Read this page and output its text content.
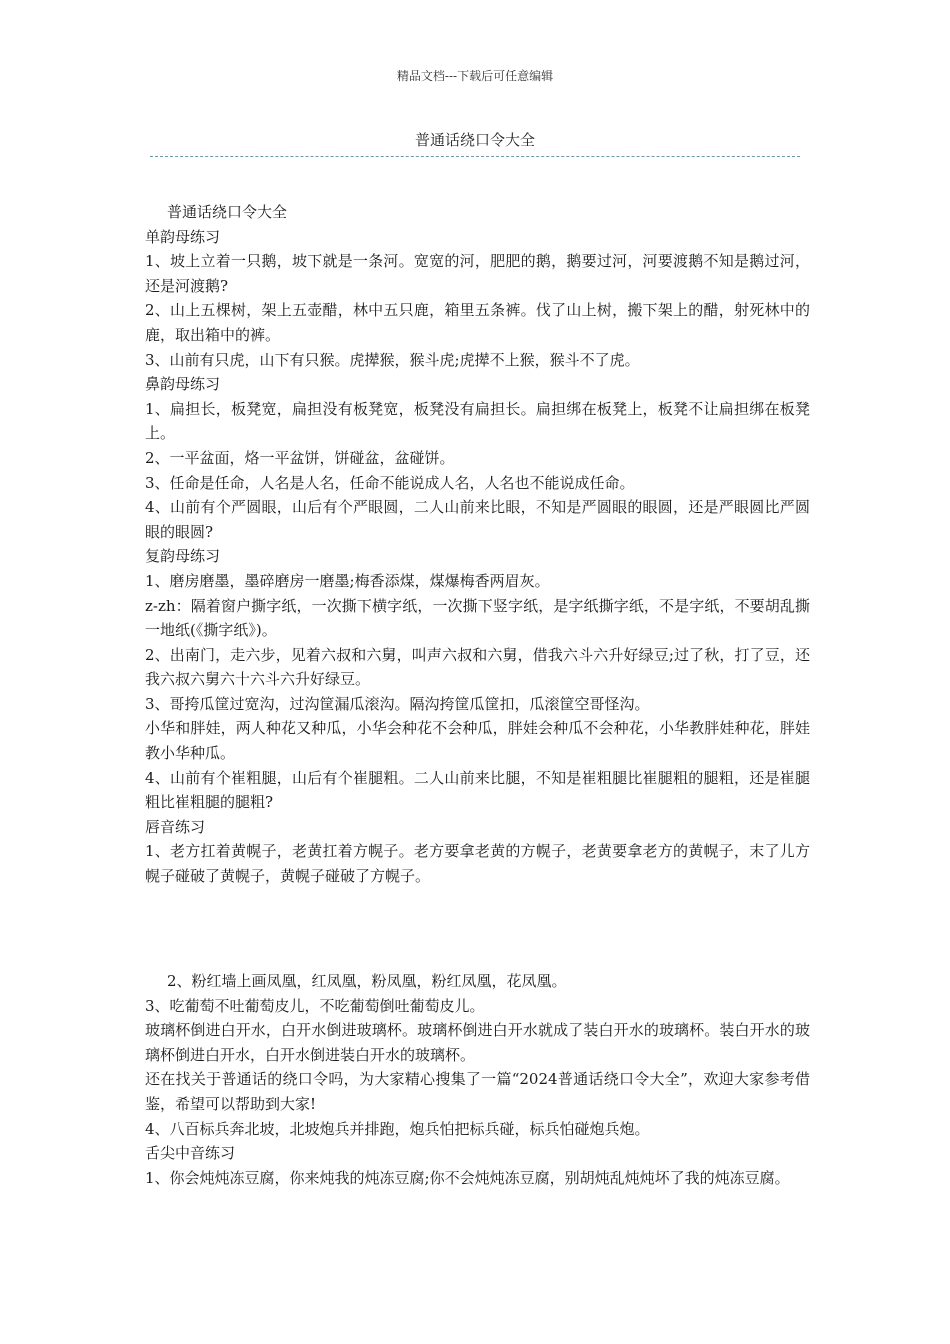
精品文档---下载后可任意编辑
普通话绕口令大全

普通话绕口令大全

单韵母练习

1、坡上立着一只鹅，坡下就是一条河。宽宽的河，肥肥的鹅，鹅要过河，河要渡鹅不知是鹅过河，还是河渡鹅?

2、山上五棵树，架上五壶醋，林中五只鹿，箱里五条裤。伐了山上树，搬下架上的醋，射死林中的鹿，取出箱中的裤。

3、山前有只虎，山下有只猴。虎撵猴，猴斗虎;虎撵不上猴，猴斗不了虎。

鼻韵母练习

1、扁担长，板凳宽，扁担没有板凳宽，板凳没有扁担长。扁担绑在板凳上，板凳不让扁担绑在板凳上。

2、一平盆面，烙一平盆饼，饼碰盆，盆碰饼。

3、任命是任命，人名是人名，任命不能说成人名，人名也不能说成任命。

4、山前有个严圆眼，山后有个严眼圆，二人山前来比眼，不知是严圆眼的眼圆，还是严眼圆比严圆眼的眼圆?

复韵母练习

1、磨房磨墨，墨碎磨房一磨墨;梅香添煤，煤爆梅香两眉灰。

z-zh：隔着窗户撕字纸，一次撕下横字纸，一次撕下竖字纸，是字纸撕字纸，不是字纸，不要胡乱撕一地纸(《撕字纸》)。

2、出南门，走六步，见着六叔和六舅，叫声六叔和六舅，借我六斗六升好绿豆;过了秋，打了豆，还我六叔六舅六十六斗六升好绿豆。

3、哥挎瓜筐过宽沟，过沟筐漏瓜滚沟。隔沟挎筐瓜筐扣，瓜滚筐空哥怪沟。

小华和胖娃，两人种花又种瓜，小华会种花不会种瓜，胖娃会种瓜不会种花，小华教胖娃种花，胖娃教小华种瓜。

4、山前有个崔粗腿，山后有个崔腿粗。二人山前来比腿，不知是崔粗腿比崔腿粗的腿粗，还是崔腿粗比崔粗腿的腿粗?

唇音练习

1、老方扛着黄幌子，老黄扛着方幌子。老方要拿老黄的方幌子，老黄要拿老方的黄幌子，末了儿方幌子碰破了黄幌子，黄幌子碰破了方幌子。

2、粉红墙上画凤凰，红凤凰，粉凤凰，粉红凤凰，花凤凰。

3、吃葡萄不吐葡萄皮儿，不吃葡萄倒吐葡萄皮儿。

玻璃杯倒进白开水，白开水倒进玻璃杯。玻璃杯倒进白开水就成了装白开水的玻璃杯。装白开水的玻璃杯倒进白开水，白开水倒进装白开水的玻璃杯。

还在找关于普通话的绕口令吗，为大家精心搜集了一篇“2024普通话绕口令大全”，欢迎大家参考借鉴，希望可以帮助到大家!

4、八百标兵奔北坡，北坡炮兵并排跑，炮兵怕把标兵碰，标兵怕碰炮兵炮。

舌尖中音练习

1、你会炖炖冻豆腐，你来炖我的炖冻豆腐;你不会炖炖冻豆腐，别胡炖乱炖炖坏了我的炖冻豆腐。
